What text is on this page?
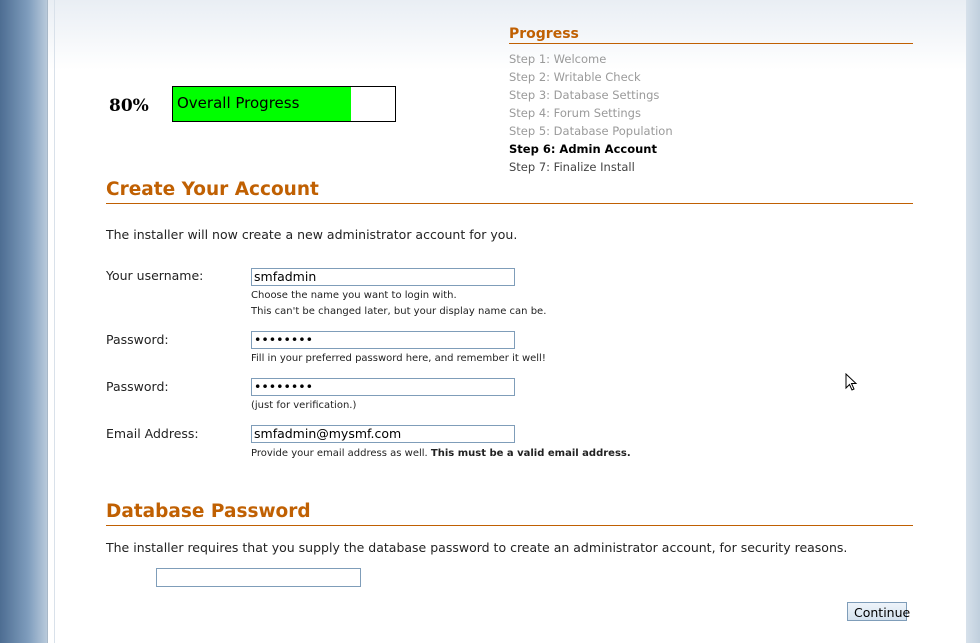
80% Overall Progress
Progress
Step 1: Welcome
Step 2: Writable Check
Step 3: Database Settings
Step 4: Forum Settings
Step 5: Database Population
Step 6: Admin Account
Step 7: Finalize Install
Create Your Account
The installer will now create a new administrator account for you.
Your username:	smfadmin
Choose the name you want to login with.
This can't be changed later, but your display name can be.
Password:	••••••••
Fill in your preferred password here, and remember it well!
Password:	••••••••
(just for verification.)
Email Address:	smfadmin@mysmf.com
Provide your email address as well. This must be a valid email address.
Database Password
The installer requires that you supply the database password to create an administrator account, for security reasons.
Continue
